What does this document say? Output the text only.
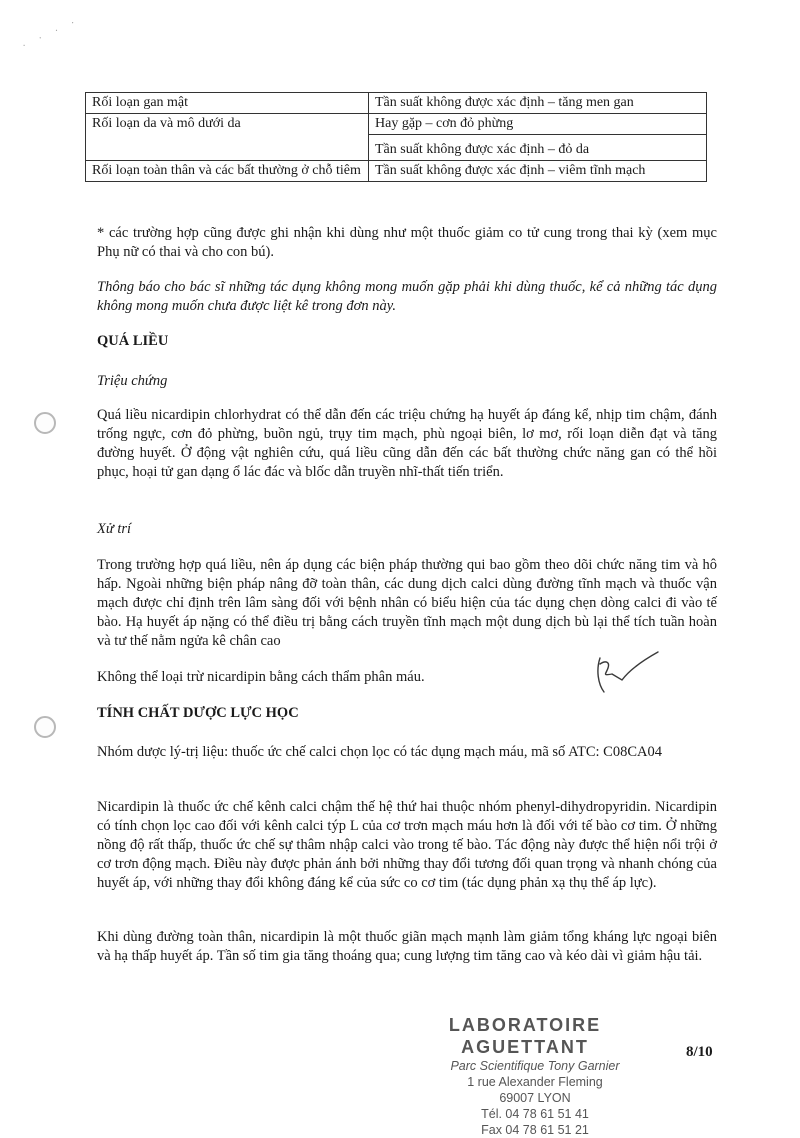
· · · ·
Rối loạn gan mật	Tần suất không được xác định – tăng men gan
Rối loạn da và mô dưới da	Hay gặp – cơn đỏ phừng
	Tần suất không được xác định – đỏ da
Rối loạn toàn thân và các bất thường ở chỗ tiêm	Tần suất không được xác định – viêm tĩnh mạch

* các trường hợp cũng được ghi nhận khi dùng như một thuốc giảm co tử cung trong thai kỳ (xem mục Phụ nữ có thai và cho con bú).

Thông báo cho bác sĩ những tác dụng không mong muốn gặp phải khi dùng thuốc, kể cả những tác dụng không mong muốn chưa được liệt kê trong đơn này.

QUÁ LIỀU

Triệu chứng

Quá liều nicardipin chlorhydrat có thể dẫn đến các triệu chứng hạ huyết áp đáng kể, nhịp tim chậm, đánh trống ngực, cơn đỏ phừng, buồn ngủ, trụy tim mạch, phù ngoại biên, lơ mơ, rối loạn diễn đạt và tăng đường huyết. Ở động vật nghiên cứu, quá liều cũng dẫn đến các bất thường chức năng gan có thể hồi phục, hoại tử gan dạng ổ lác đác và blốc dẫn truyền nhĩ-thất tiến triển.

Xử trí

Trong trường hợp quá liều, nên áp dụng các biện pháp thường qui bao gồm theo dõi chức năng tim và hô hấp. Ngoài những biện pháp nâng đỡ toàn thân, các dung dịch calci dùng đường tĩnh mạch và thuốc vận mạch được chỉ định trên lâm sàng đối với bệnh nhân có biểu hiện của tác dụng chẹn dòng calci đi vào tế bào. Hạ huyết áp nặng có thể điều trị bằng cách truyền tĩnh mạch một dung dịch bù lại thể tích tuần hoàn và tư thế nằm ngửa kê chân cao

Không thể loại trừ nicardipin bằng cách thẩm phân máu.

TÍNH CHẤT DƯỢC LỰC HỌC

Nhóm dược lý-trị liệu: thuốc ức chế calci chọn lọc có tác dụng mạch máu, mã số ATC: C08CA04

Nicardipin là thuốc ức chế kênh calci chậm thế hệ thứ hai thuộc nhóm phenyl-dihydropyridin. Nicardipin có tính chọn lọc cao đối với kênh calci týp L của cơ trơn mạch máu hơn là đối với tế bào cơ tim. Ở những nồng độ rất thấp, thuốc ức chế sự thâm nhập calci vào trong tế bào. Tác động này được thể hiện nổi trội ở cơ trơn động mạch. Điều này được phản ánh bởi những thay đổi tương đối quan trọng và nhanh chóng của huyết áp, với những thay đổi không đáng kể của sức co cơ tim (tác dụng phản xạ thụ thể áp lực).

Khi dùng đường toàn thân, nicardipin là một thuốc giãn mạch mạnh làm giảm tổng kháng lực ngoại biên và hạ thấp huyết áp. Tần số tim gia tăng thoáng qua; cung lượng tim tăng cao và kéo dài vì giảm hậu tải.

LABORATOIRE AGUETTANT

Parc Scientifique Tony Garnier

1 rue Alexander Fleming

69007 LYON

Tél. 04 78 61 51 41

Fax 04 78 61 51 21

8/10
